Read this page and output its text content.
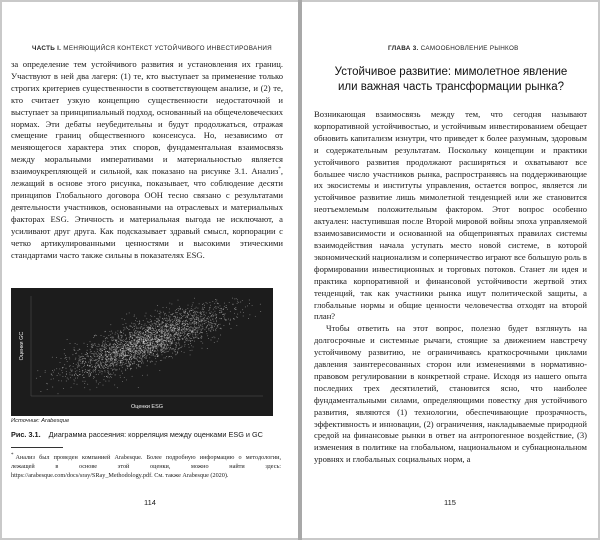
ЧАСТЬ I. МЕНЯЮЩИЙСЯ КОНТЕКСТ УСТОЙЧИВОГО ИНВЕСТИРОВАНИЯ

за определение тем устойчивого развития и установления их границ. Участвуют в ней два лагеря: (1) те, кто выступает за применение только строгих критериев существенности в соответствующем анализе, и (2) те, кто считает узкую концепцию существенности недостаточной и выступает за принципиальный подход, основанный на общечеловеческих нормах. Эти дебаты неубедительны и будут продолжаться, отражая смещение границ общественного консенсуса. Но, независимо от меняющегося характера этих споров, фундаментальная взаимосвязь между моральными императивами и материальностью является взаимоукрепляющей и сильной, как показано на рисунке 3.1. Анализ*, лежащий в основе этого рисунка, показывает, что соблюдение десяти принципов Глобального договора ООН тесно связано с результатами деятельности участников, основанными на отраслевых и материальных факторах ESG. Этичность и материальная выгода не исключают, а усиливают друг друга. Как подсказывает здравый смысл, корпорации с четко артикулированными ценностями и высокими этическими стандартами часто также сильны в показателях ESG.

Оценки ESG
Оценки GC
Источник: Arabesque
Рис. 3.1. Диаграмма рассеяния: корреляция между оценками ESG и GC

* Анализ был проведен компанией Arabesque. Более подробную информацию о методологии, лежащей в основе этой оценки, можно найти здесь: https://arabesque.com/docs/sray/SRay_Methodology.pdf. См. также Arabesque (2020).

114
ГЛАВА 3. САМООБНОВЛЕНИЕ РЫНКОВ
Устойчивое развитие: мимолетное явление
или важная часть трансформации рынка?

Возникающая взаимосвязь между тем, что сегодня называют корпоративной устойчивостью, и устойчивым инвестированием обещает обновить капитализм изнутри, что приведет к более разумным, здоровым и содержательным результатам. Поскольку концепции и практики устойчивого развития продолжают расширяться и охватывают все большее число участников рынка, распространяясь на поддерживающие их экосистемы и институты управления, остается вопрос, является ли устойчивое развитие лишь мимолетной тенденцией или же становится неотъемлемым положительным фактором. Этот вопрос особенно актуален: наступившая после Второй мировой войны эпоха управляемой взаимозависимости и основанной на общепринятых правилах системы взаимодействия начала уступать место новой системе, в которой экономический национализм и соперничество играют все большую роль в формировании инвестиционных и торговых потоков. Станет ли идея и практика корпоративной и финансовой устойчивости жертвой этих тенденций, так как участники рынка ищут политической защиты, а глобальные нормы и общие ценности человечества отходят на второй план?

Чтобы ответить на этот вопрос, полезно будет взглянуть на долгосрочные и системные рычаги, стоящие за движением навстречу устойчивому развитию, не ограничиваясь краткосрочными циклами давления заинтересованных сторон или изменениями в нормативно-правовом регулировании в конкретной стране. Исходя из нашего опыта последних трех десятилетий, становится ясно, что наиболее фундаментальными силами, определяющими повестку дня устойчивого развития, являются (1) технологии, обеспечивающие прозрачность, эффективность и инновации, (2) ограничения, накладываемые природной средой на финансовые рынки в ответ на антропогенное воздействие, (3) изменения в политике на глобальном, национальном и субнациональном уровнях и глобальных социальных норм, а

115
